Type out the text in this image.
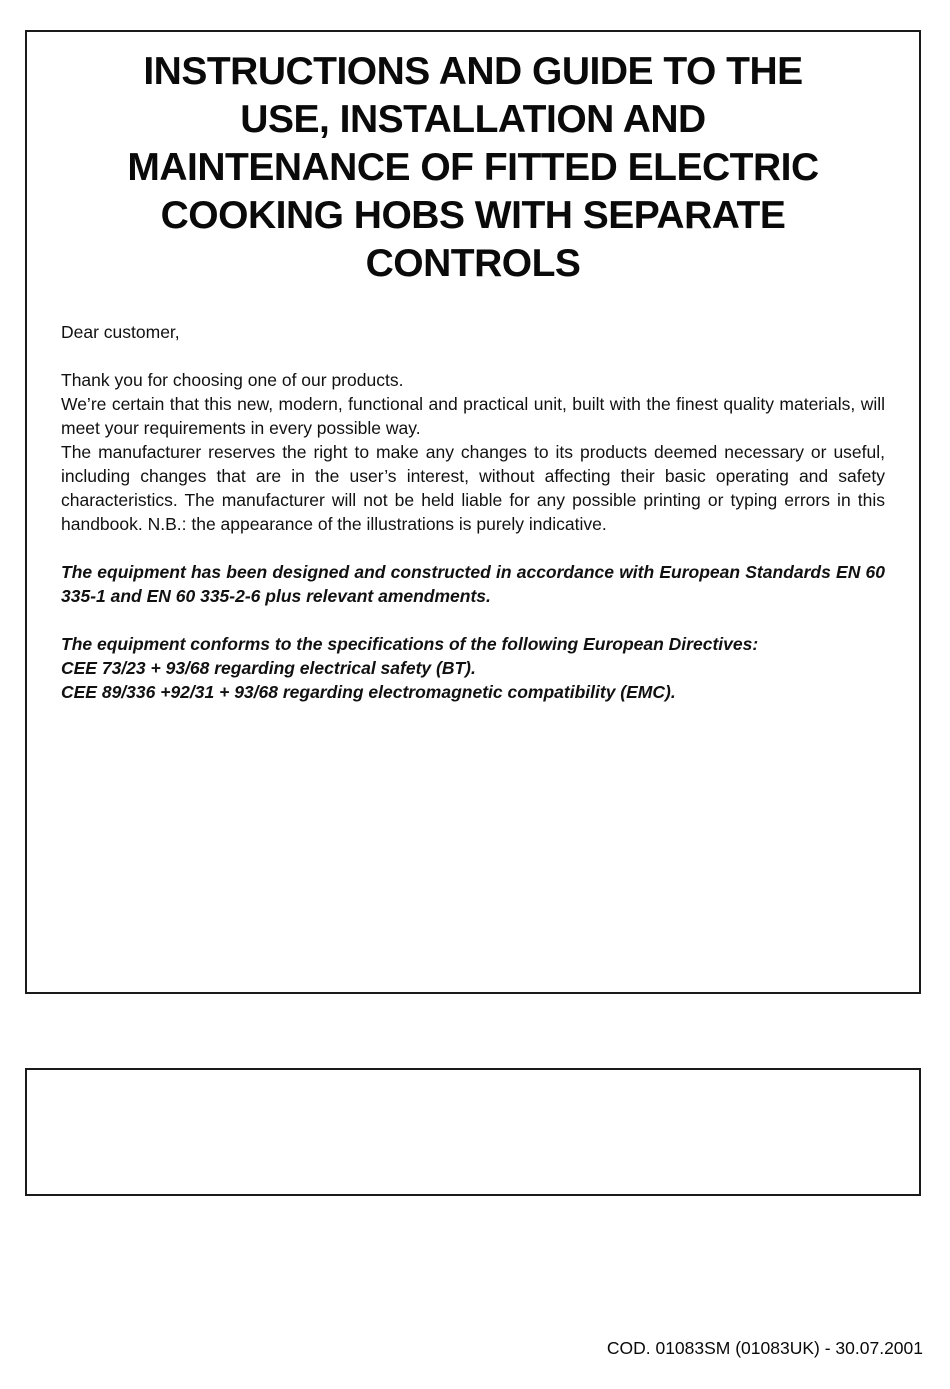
INSTRUCTIONS AND GUIDE TO THE
USE, INSTALLATION AND
MAINTENANCE OF FITTED ELECTRIC
COOKING HOBS WITH SEPARATE
CONTROLS
Dear customer,

Thank you for choosing one of our products.

We’re certain that this new, modern, functional and practical unit, built with the finest quality materials, will meet your requirements in every possible way.

The manufacturer reserves the right to make any changes to its products deemed necessary or useful, including changes that are in the user’s interest, without affecting their basic operating and safety characteristics. The manufacturer will not be held liable for any possible printing or typing errors in this handbook. N.B.: the appearance of the illustrations is purely indicative.

The equipment has been designed and constructed in accordance with European Standards EN 60 335-1 and EN 60 335-2-6 plus relevant amendments.
The equipment conforms to the specifications of the following European Directives:
CEE 73/23 + 93/68 regarding electrical safety (BT).
CEE 89/336 +92/31 + 93/68 regarding electromagnetic compatibility (EMC).
COD. 01083SM (01083UK) - 30.07.2001
